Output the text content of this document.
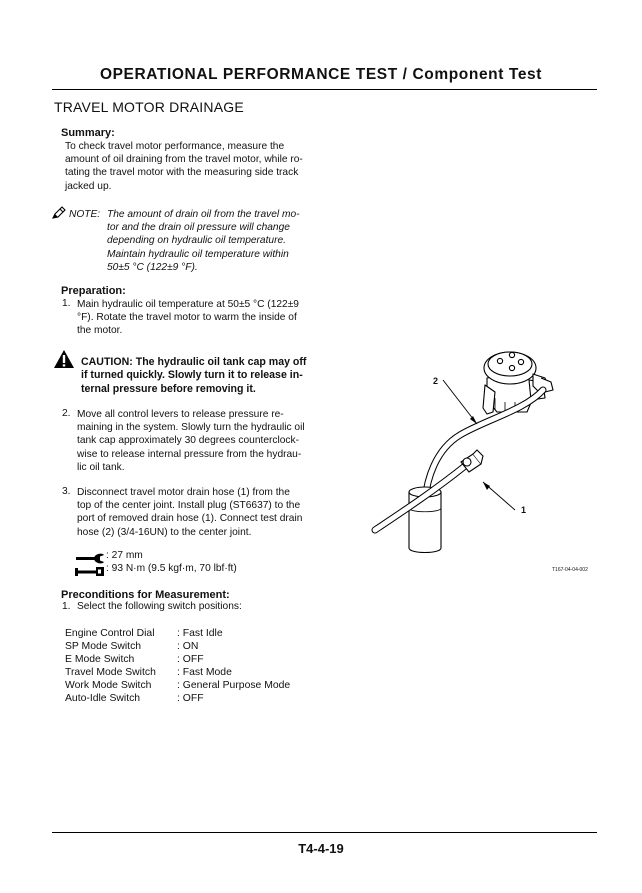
OPERATIONAL PERFORMANCE TEST / Component Test
TRAVEL MOTOR DRAINAGE
Summary:
To check travel motor performance, measure the
amount of oil draining from the travel motor, while ro-
tating the travel motor with the measuring side track
jacked up.
NOTE: The amount of drain oil from the travel mo-
tor and the drain oil pressure will change
depending on hydraulic oil temperature.
Maintain hydraulic oil temperature within
50±5 °C (122±9 °F).
Preparation:
1. Main hydraulic oil temperature at 50±5 °C (122±9
°F). Rotate the travel motor to warm the inside of
the motor.
CAUTION: The hydraulic oil tank cap may off
if turned quickly. Slowly turn it to release in-
ternal pressure before removing it.
2. Move all control levers to release pressure re-
maining in the system. Slowly turn the hydraulic oil
tank cap approximately 30 degrees counterclock-
wise to release internal pressure from the hydrau-
lic oil tank.
3. Disconnect travel motor drain hose (1) from the
top of the center joint. Install plug (ST6637) to the
port of removed drain hose (1). Connect test drain
hose (2) (3/4-16UN) to the center joint.
: 27 mm
: 93 N·m (9.5 kgf·m, 70 lbf·ft)
Preconditions for Measurement:
1. Select the following switch positions:
Engine Control Dial : Fast Idle
SP Mode Switch	: ON
E Mode Switch	: OFF
Travel Mode Switch : Fast Mode
Work Mode Switch : General Purpose Mode
Auto-Idle Switch	: OFF
2
1
T167-04-04-002
T4-4-19
